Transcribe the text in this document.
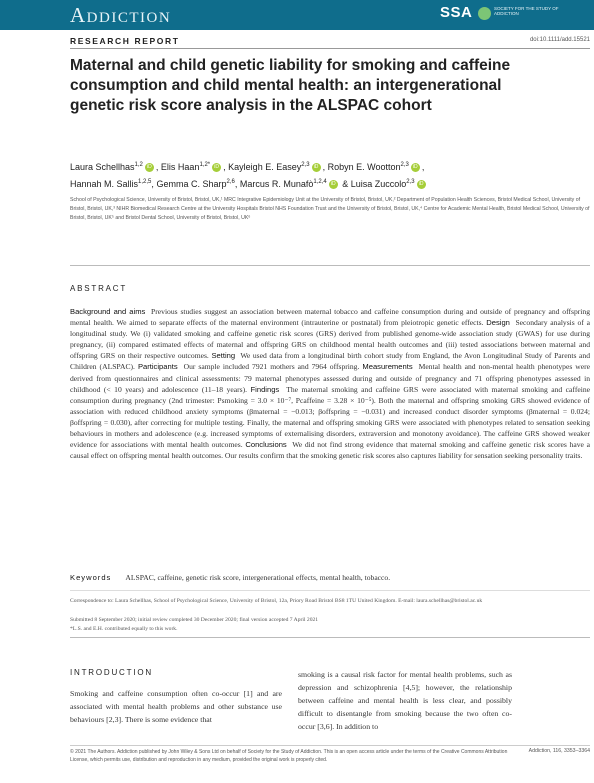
Addiction	SSA	SOCIETY FOR THE STUDY OF ADDICTION
RESEARCH REPORT	doi:10.1111/add.15521
Maternal and child genetic liability for smoking and caffeine consumption and child mental health: an intergenerational genetic risk score analysis in the ALSPAC cohort
Laura Schellhas$^{1,2}$ iD , Elis Haan$^{1,2*}$ iD , Kayleigh E. Easey$^{2,3}$ iD , Robyn E. Wootton$^{2,3}$ iD ,
Hannah M. Sallis$^{1,2,5}$, Gemma C. Sharp$^{2,6}$, Marcus R. Munafò$^{1,2,4}$ iD & Luisa Zuccolo$^{2,3}$ iD

School of Psychological Science, University of Bristol, Bristol, UK,¹ MRC Integrative Epidemiology Unit at the University of Bristol, Bristol, UK,² Department of Population Health Sciences, Bristol Medical School, University of Bristol, Bristol, UK,³ NIHR Biomedical Research Centre at the University Hospitals Bristol NHS Foundation Trust and the University of Bristol, Bristol, UK,⁴ Centre for Academic Mental Health, Bristol Medical School, University of Bristol, Bristol, UK⁵ and Bristol Dental School, University of Bristol, Bristol, UK⁶

ABSTRACT

Background and aims Previous studies suggest an association between maternal tobacco and caffeine consumption during and outside of pregnancy and offspring mental health. We aimed to separate effects of the maternal environment (intrauterine or postnatal) from pleiotropic genetic effects. Design Secondary analysis of a longitudinal study. We (i) validated smoking and caffeine genetic risk scores (GRS) derived from published genome-wide association study (GWAS) for use during pregnancy, (ii) compared estimated effects of maternal and offspring GRS on childhood mental health outcomes and (iii) tested associations between maternal and offspring GRS on their respective outcomes. Setting We used data from a longitudinal birth cohort study from England, the Avon Longitudinal Study of Parents and Children (ALSPAC). Participants Our sample included 7921 mothers and 7964 offspring. Measurements Mental health and non-mental health phenotypes were derived from questionnaires and clinical assessments: 79 maternal phenotypes assessed during and outside of pregnancy and 71 offspring phenotypes assessed in childhood (< 10 years) and adolescence (11–18 years). Findings The maternal smoking and caffeine GRS were associated with maternal smoking and caffeine consumption during pregnancy (2nd trimester: Psmoking = 3.0 × 10⁻⁷, Pcaffeine = 3.28 × 10⁻⁵). Both the maternal and offspring smoking GRS showed evidence of association with reduced childhood anxiety symptoms (βmaternal = −0.013; βoffspring = −0.031) and increased conduct disorder symptoms (βmaternal = 0.024; βoffspring = 0.030), after correcting for multiple testing. Finally, the maternal and offspring smoking GRS were associated with phenotypes related to sensation seeking behaviours in mothers and adolescence (e.g. increased symptoms of externalising disorders, extraversion and monotony avoidance). The caffeine GRS showed weaker evidence for associations with mental health outcomes. Conclusions We did not find strong evidence that maternal smoking and caffeine genetic risk scores have a causal effect on offspring mental health outcomes. Our results confirm that the smoking genetic risk scores also captures liability for sensation seeking personality traits.

Keywords ALSPAC, caffeine, genetic risk score, intergenerational effects, mental health, tobacco.

Correspondence to: Laura Schellhas, School of Psychological Science, University of Bristol, 12a, Priory Road Bristol BS8 1TU United Kingdom. E-mail: laura.schellhas@bristol.ac.uk

Submitted 8 September 2020; initial review completed 30 December 2020; final version accepted 7 April 2021
*L.S. and E.H. contributed equally to this work.
INTRODUCTION

Smoking and caffeine consumption often co-occur [1] and are associated with mental health problems and other substance use behaviours [2,3]. There is some evidence that

smoking is a causal risk factor for mental health problems, such as depression and schizophrenia [4,5]; however, the relationship between caffeine and mental health is less clear, and possibly difficult to disentangle from smoking because the two often co-occur [3,6]. In addition to

© 2021 The Authors. Addiction published by John Wiley & Sons Ltd on behalf of Society for the Study of Addiction. This is an open access article under the terms of the Creative Commons Attribution License, which permits use, distribution and reproduction in any medium, provided the original work is properly cited.

Addiction, 116, 3353–3364
